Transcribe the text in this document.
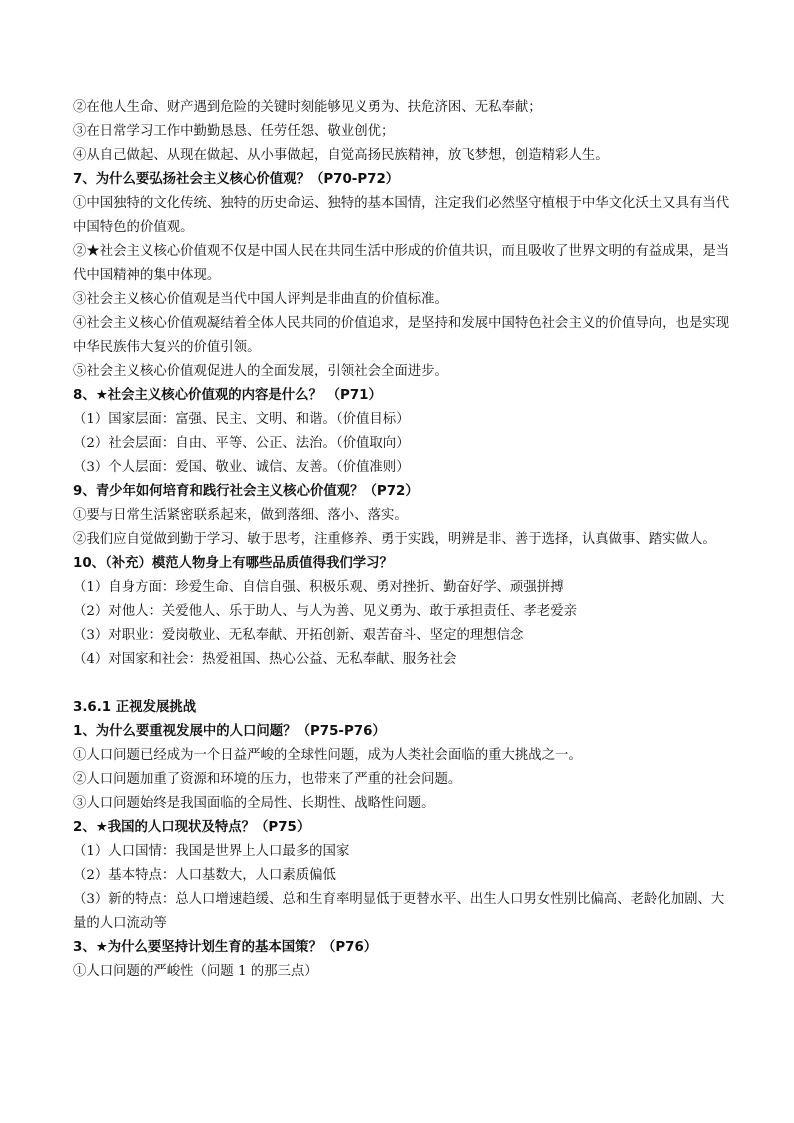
②在他人生命、财产遇到危险的关键时刻能够见义勇为、扶危济困、无私奉献；
③在日常学习工作中勤勤恳恳、任劳任怨、敬业创优；
④从自己做起、从现在做起、从小事做起，自觉高扬民族精神，放飞梦想，创造精彩人生。
7、为什么要弘扬社会主义核心价值观？（P70-P72）
①中国独特的文化传统、独特的历史命运、独特的基本国情，注定我们必然坚守植根于中华文化沃土又具有当代中国特色的价值观。
②★社会主义核心价值观不仅是中国人民在共同生活中形成的价值共识，而且吸收了世界文明的有益成果，是当代中国精神的集中体现。
③社会主义核心价值观是当代中国人评判是非曲直的价值标准。
④社会主义核心价值观凝结着全体人民共同的价值追求，是坚持和发展中国特色社会主义的价值导向，也是实现中华民族伟大复兴的价值引领。
⑤社会主义核心价值观促进人的全面发展，引领社会全面进步。
8、★社会主义核心价值观的内容是什么？ （P71）
（1）国家层面：富强、民主、文明、和谐。（价值目标）
（2）社会层面：自由、平等、公正、法治。（价值取向）
（3）个人层面：爱国、敬业、诚信、友善。（价值准则）
9、青少年如何培育和践行社会主义核心价值观？（P72）
①要与日常生活紧密联系起来，做到落细、落小、落实。
②我们应自觉做到勤于学习、敏于思考，注重修养、勇于实践，明辨是非、善于选择，认真做事、踏实做人。
10、（补充）模范人物身上有哪些品质值得我们学习？
（1）自身方面：珍爱生命、自信自强、积极乐观、勇对挫折、勤奋好学、顽强拼搏
（2）对他人：关爱他人、乐于助人、与人为善、见义勇为、敢于承担责任、孝老爱亲
（3）对职业：爱岗敬业、无私奉献、开拓创新、艰苦奋斗、坚定的理想信念
（4）对国家和社会：热爱祖国、热心公益、无私奉献、服务社会
3.6.1 正视发展挑战
1、为什么要重视发展中的人口问题？（P75-P76）
①人口问题已经成为一个日益严峻的全球性问题，成为人类社会面临的重大挑战之一。
②人口问题加重了资源和环境的压力，也带来了严重的社会问题。
③人口问题始终是我国面临的全局性、长期性、战略性问题。
2、★我国的人口现状及特点？（P75）
（1）人口国情：我国是世界上人口最多的国家
（2）基本特点：人口基数大，人口素质偏低
（3）新的特点：总人口增速趋缓、总和生育率明显低于更替水平、出生人口男女性别比偏高、老龄化加剧、大量的人口流动等
3、★为什么要坚持计划生育的基本国策？（P76）
①人口问题的严峻性（问题 1 的那三点）
